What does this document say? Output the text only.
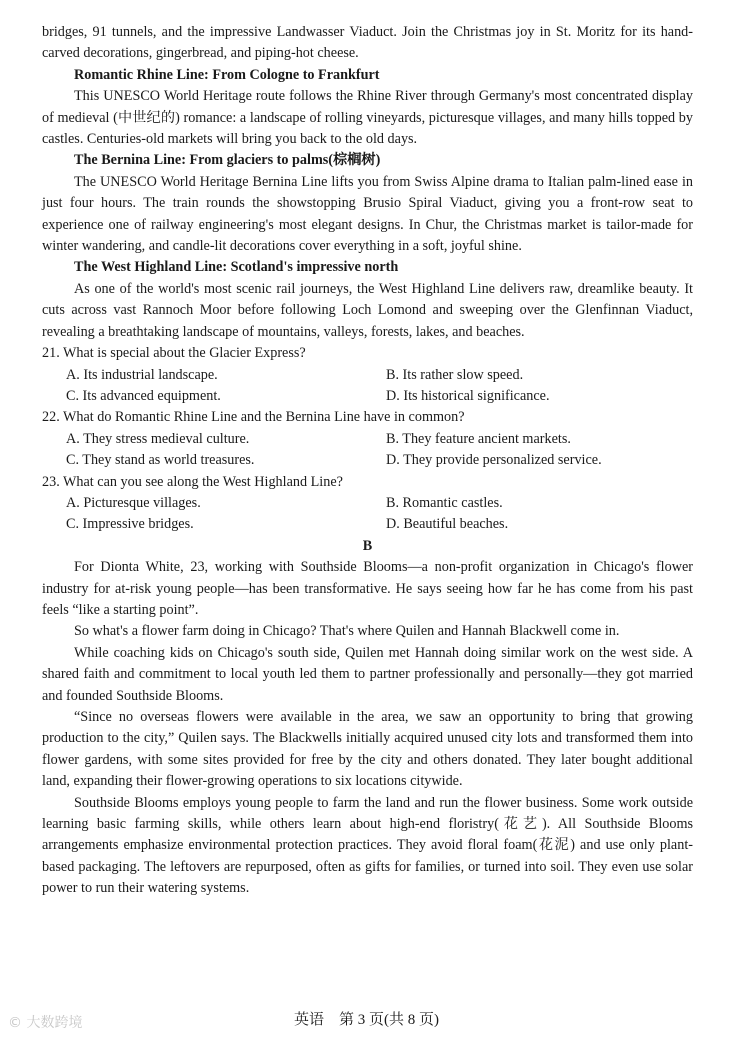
bridges, 91 tunnels, and the impressive Landwasser Viaduct. Join the Christmas joy in St. Moritz for its hand-carved decorations, gingerbread, and piping-hot cheese.

Romantic Rhine Line: From Cologne to Frankfurt

This UNESCO World Heritage route follows the Rhine River through Germany's most concentrated display of medieval (中世纪的) romance: a landscape of rolling vineyards, picturesque villages, and many hills topped by castles. Centuries-old markets will bring you back to the old days.

The Bernina Line: From glaciers to palms(棕榈树)

The UNESCO World Heritage Bernina Line lifts you from Swiss Alpine drama to Italian palm-lined ease in just four hours. The train rounds the showstopping Brusio Spiral Viaduct, giving you a front-row seat to experience one of railway engineering's most elegant designs. In Chur, the Christmas market is tailor-made for winter wandering, and candle-lit decorations cover everything in a soft, joyful shine.

The West Highland Line: Scotland's impressive north

As one of the world's most scenic rail journeys, the West Highland Line delivers raw, dreamlike beauty. It cuts across vast Rannoch Moor before following Loch Lomond and sweeping over the Glenfinnan Viaduct, revealing a breathtaking landscape of mountains, valleys, forests, lakes, and beaches.

21. What is special about the Glacier Express?
A. Its industrial landscape.	B. Its rather slow speed.
C. Its advanced equipment.	D. Its historical significance.
22. What do Romantic Rhine Line and the Bernina Line have in common?
A. They stress medieval culture.	B. They feature ancient markets.
C. They stand as world treasures.	D. They provide personalized service.
23. What can you see along the West Highland Line?
A. Picturesque villages.	B. Romantic castles.
C. Impressive bridges.	D. Beautiful beaches.
B

For Dionta White, 23, working with Southside Blooms—a non-profit organization in Chicago's flower industry for at-risk young people—has been transformative. He says seeing how far he has come from his past feels “like a starting point”.

So what's a flower farm doing in Chicago? That's where Quilen and Hannah Blackwell come in.

While coaching kids on Chicago's south side, Quilen met Hannah doing similar work on the west side. A shared faith and commitment to local youth led them to partner professionally and personally—they got married and founded Southside Blooms.

“Since no overseas flowers were available in the area, we saw an opportunity to bring that growing production to the city,” Quilen says. The Blackwells initially acquired unused city lots and transformed them into flower gardens, with some sites provided for free by the city and others donated. They later bought additional land, expanding their flower-growing operations to six locations citywide.

Southside Blooms employs young people to farm the land and run the flower business. Some work outside learning basic farming skills, while others learn about high-end floristry(花艺). All Southside Blooms arrangements emphasize environmental protection practices. They avoid floral foam(花泥) and use only plant-based packaging. The leftovers are repurposed, often as gifts for families, or turned into soil. They even use solar power to run their watering systems.

英语　第 3 页(共 8 页)
© 大数跨境
